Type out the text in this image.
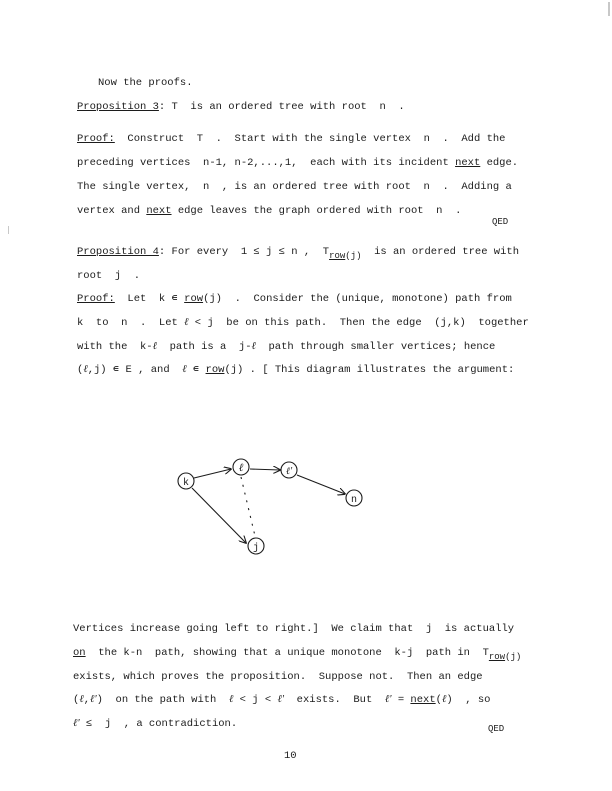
Now the proofs.
Proposition 3: T  is an ordered tree with root  n  .
Proof:  Construct  T  .  Start with the single vertex  n  .  Add the
preceding vertices  n-1, n-2,...,1,  each with its incident next edge.
The single vertex,  n  , is an ordered tree with root  n  .  Adding a
vertex and next edge leaves the graph ordered with root  n  .
QED
Proposition 4: For every  1 ≤ j ≤ n ,  Trow(j)  is an ordered tree with
root  j  .
Proof:  Let  k ∊ row(j)  .  Consider the (unique, monotone) path from
k  to  n  .  Let ℓ < j  be on this path.  Then the edge  (j,k)  together
with the  k-ℓ  path is a  j-ℓ  path through smaller vertices; hence
(ℓ,j) ∊ E , and  ℓ ∊ row(j) . [ This diagram illustrates the argument:
k
ℓ	ℓ'
n
j
Vertices increase going left to right.]  We claim that  j  is actually
on  the k-n  path, showing that a unique monotone  k-j  path in  Trow(j)
exists, which proves the proposition.  Suppose not.  Then an edge
(ℓ,ℓ')  on the path with  ℓ < j < ℓ'  exists.  But  ℓ' = next(ℓ)  , so
ℓ' ≤  j  , a contradiction.	QED
10
